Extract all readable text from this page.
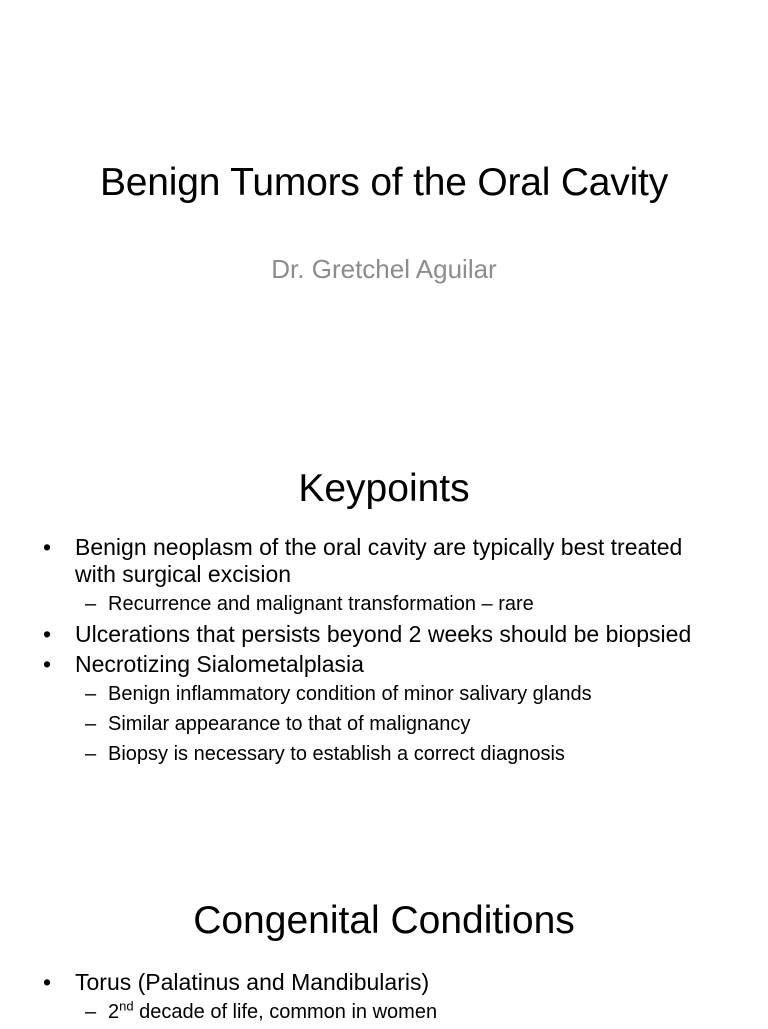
Benign Tumors of the Oral Cavity
Dr. Gretchel Aguilar
Keypoints
• Benign neoplasm of the oral cavity are typically best treated with surgical excision
– Recurrence and malignant transformation – rare
• Ulcerations that persists beyond 2 weeks should be biopsied
• Necrotizing Sialometalplasia
– Benign inflammatory condition of minor salivary glands
– Similar appearance to that of malignancy
– Biopsy is necessary to establish a correct diagnosis
Congenital Conditions
• Torus (Palatinus and Mandibularis)
– 2nd decade of life, common in women
